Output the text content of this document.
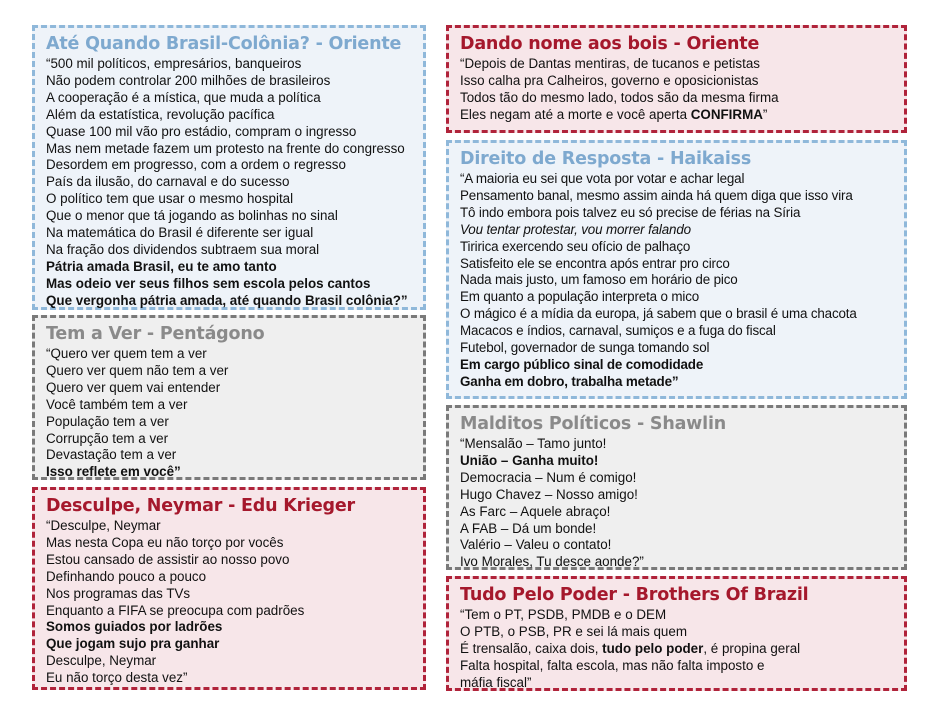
Até Quando Brasil-Colônia? - Oriente
“500 mil políticos, empresários, banqueiros
Não podem controlar 200 milhões de brasileiros
A cooperação é a mística, que muda a política
Além da estatística, revolução pacífica
Quase 100 mil vão pro estádio, compram o ingresso
Mas nem metade fazem um protesto na frente do congresso
Desordem em progresso, com a ordem o regresso
País da ilusão, do carnaval e do sucesso
O político tem que usar o mesmo hospital
Que o menor que tá jogando as bolinhas no sinal
Na matemática do Brasil é diferente ser igual
Na fração dos dividendos subtraem sua moral
Pátria amada Brasil, eu te amo tanto
Mas odeio ver seus filhos sem escola pelos cantos
Que vergonha pátria amada, até quando Brasil colônia?”
Tem a Ver - Pentágono
“Quero ver quem tem a ver
Quero ver quem não tem a ver
Quero ver quem vai entender
Você também tem a ver
População tem a ver
Corrupção tem a ver
Devastação tem a ver
Isso reflete em você”
Desculpe, Neymar - Edu Krieger
“Desculpe, Neymar
Mas nesta Copa eu não torço por vocês
Estou cansado de assistir ao nosso povo
Definhando pouco a pouco
Nos programas das TVs
Enquanto a FIFA se preocupa com padrões
Somos guiados por ladrões
Que jogam sujo pra ganhar
Desculpe, Neymar
Eu não torço desta vez”
Dando nome aos bois - Oriente
“Depois de Dantas mentiras, de tucanos e petistas
Isso calha pra Calheiros, governo e oposicionistas
Todos tão do mesmo lado, todos são da mesma firma
Eles negam até a morte e você aperta CONFIRMA”
Direito de Resposta - Haikaiss
“A maioria eu sei que vota por votar e achar legal
Pensamento banal, mesmo assim ainda há quem diga que isso vira
Tô indo embora pois talvez eu só precise de férias na Síria
Vou tentar protestar, vou morrer falando
Tiririca exercendo seu ofício de palhaço
Satisfeito ele se encontra após entrar pro circo
Nada mais justo, um famoso em horário de pico
Em quanto a população interpreta o mico
O mágico é a mídia da europa, já sabem que o brasil é uma chacota
Macacos e índios, carnaval, sumiços e a fuga do fiscal
Futebol, governador de sunga tomando sol
Em cargo público sinal de comodidade
Ganha em dobro, trabalha metade”
Malditos Políticos - Shawlin
“Mensalão – Tamo junto!
União – Ganha muito!
Democracia – Num é comigo!
Hugo Chavez – Nosso amigo!
As Farc – Aquele abraço!
A FAB – Dá um bonde!
Valério – Valeu o contato!
Ivo Morales, Tu desce aonde?”
Tudo Pelo Poder - Brothers Of Brazil
“Tem o PT, PSDB, PMDB e o DEM
O PTB, o PSB, PR e sei lá mais quem
É trensalão, caixa dois, tudo pelo poder, é propina geral
Falta hospital, falta escola, mas não falta imposto e
máfia fiscal”
